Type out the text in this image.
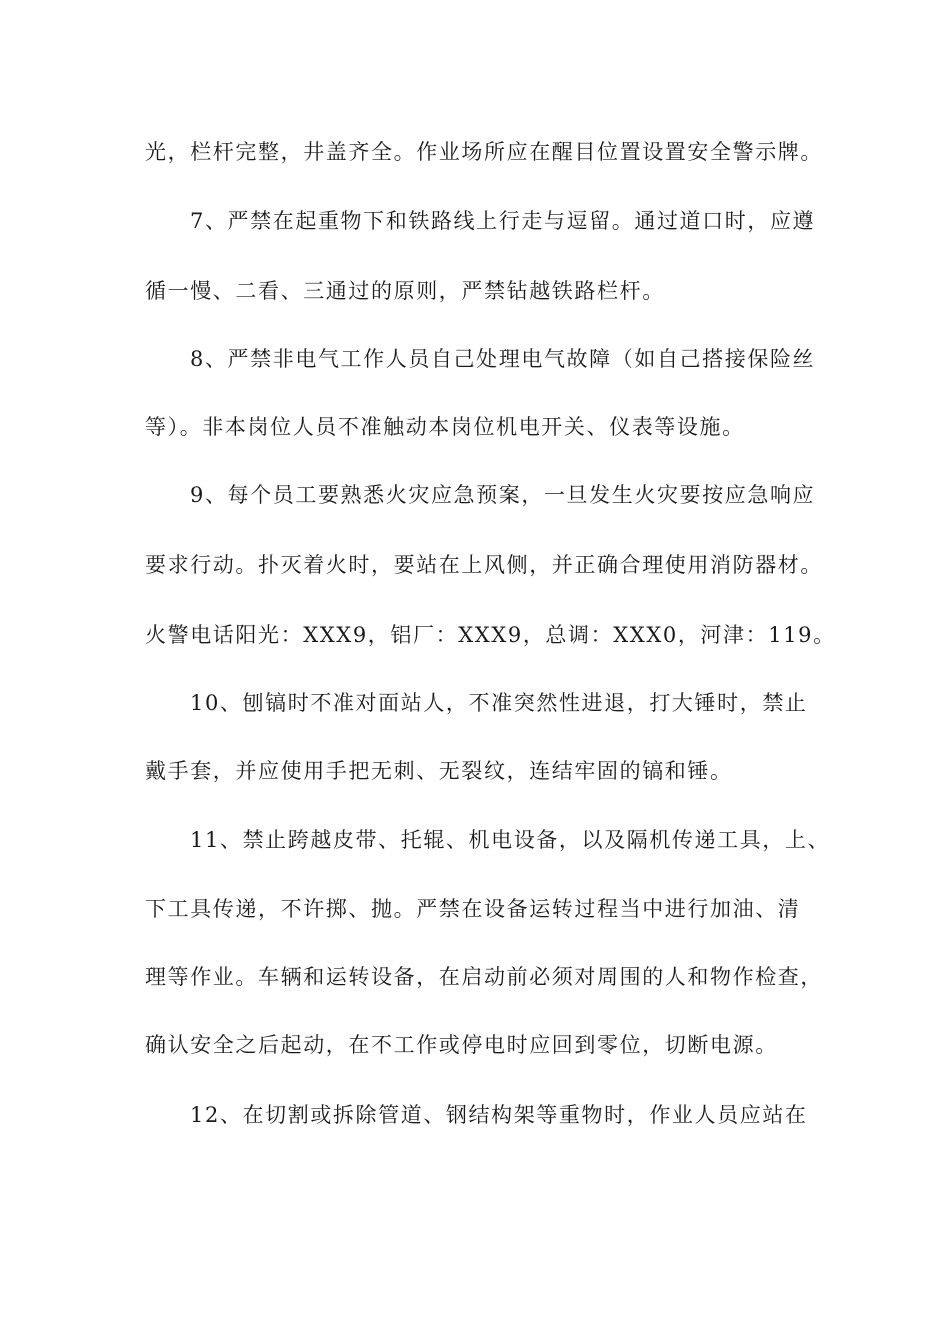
光，栏杆完整，井盖齐全。作业场所应在醒目位置设置安全警示牌。
7、严禁在起重物下和铁路线上行走与逗留。通过道口时，应遵
循一慢、二看、三通过的原则，严禁钻越铁路栏杆。
8、严禁非电气工作人员自己处理电气故障（如自己搭接保险丝
等）。非本岗位人员不准触动本岗位机电开关、仪表等设施。
9、每个员工要熟悉火灾应急预案，一旦发生火灾要按应急响应
要求行动。扑灭着火时，要站在上风侧，并正确合理使用消防器材。
火警电话阳光：XXX9，铝厂：XXX9，总调：XXX0，河津：119。
10、刨镐时不准对面站人，不准突然性进退，打大锤时，禁止
戴手套，并应使用手把无刺、无裂纹，连结牢固的镐和锤。
11、禁止跨越皮带、托辊、机电设备，以及隔机传递工具，上、
下工具传递，不许掷、抛。严禁在设备运转过程当中进行加油、清
理等作业。车辆和运转设备，在启动前必须对周围的人和物作检查，
确认安全之后起动，在不工作或停电时应回到零位，切断电源。
12、在切割或拆除管道、钢结构架等重物时，作业人员应站在
